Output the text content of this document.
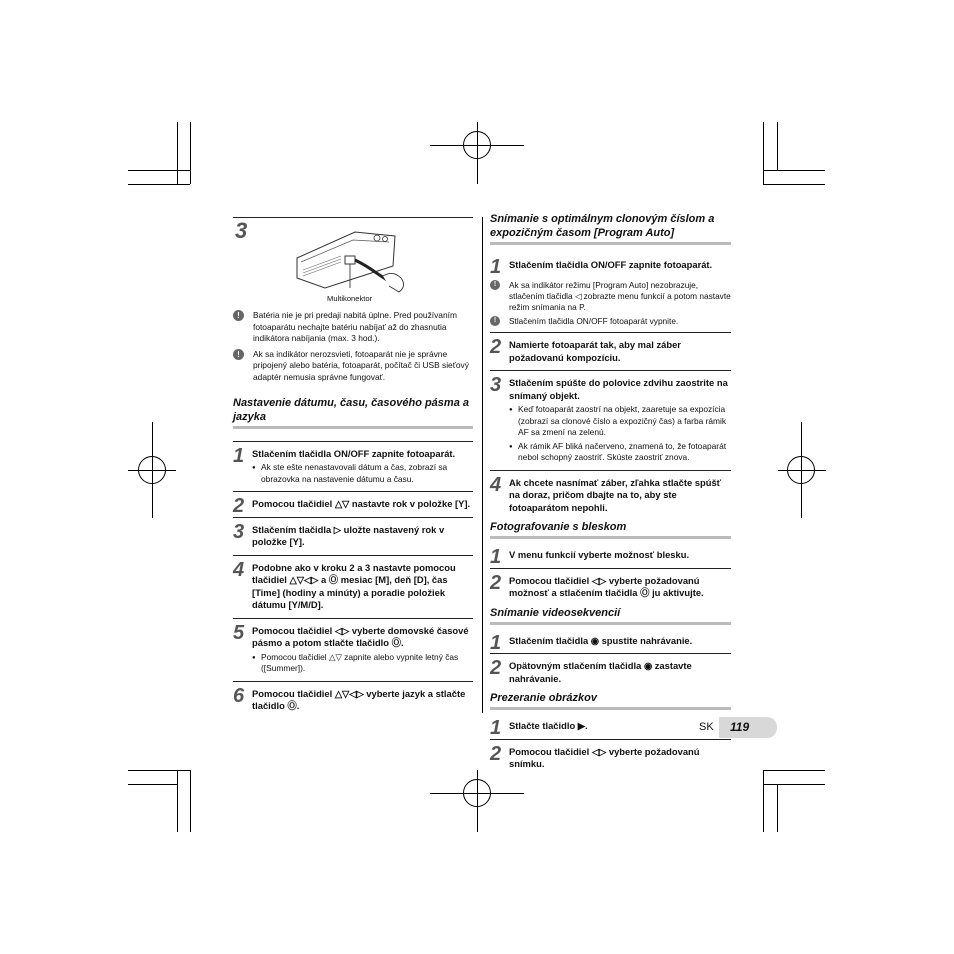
3
Multikonektor
!	Batéria nie je pri predaji nabitá úplne. Pred používaním fotoaparátu nechajte batériu nabíjať až do zhasnutia indikátora nabíjania (max. 3 hod.).
!	Ak sa indikátor nerozsvieti, fotoaparát nie je správne pripojený alebo batéria, fotoaparát, počítač či USB sieťový adaptér nemusia správne fungovať.
Nastavenie dátumu, času, časového pásma a jazyka
1 Stlačením tlačidla ON/OFF zapnite fotoaparát.
● Ak ste ešte nenastavovali dátum a čas, zobrazí sa obrazovka na nastavenie dátumu a času.
2 Pomocou tlačidiel △▽ nastavte rok v položke [Y].
3 Stlačením tlačidla ▷ uložte nastavený rok v položke [Y].
4 Podobne ako v kroku 2 a 3 nastavte pomocou tlačidiel △▽◁▷ a Ⓞ mesiac [M], deň [D], čas [Time] (hodiny a minúty) a poradie položiek dátumu [Y/M/D].
5 Pomocou tlačidiel ◁▷ vyberte domovské časové pásmo a potom stlačte tlačidlo Ⓞ.
● Pomocou tlačidiel △▽ zapnite alebo vypnite letný čas ([Summer]).
6 Pomocou tlačidiel △▽◁▷ vyberte jazyk a stlačte tlačidlo Ⓞ.
Snímanie s optimálnym clonovým číslom a expozičným časom [Program Auto]
1 Stlačením tlačidla ON/OFF zapnite fotoaparát.
!	Ak sa indikátor režimu [Program Auto] nezobrazuje, stlačením tlačidla ◁ zobrazte menu funkcií a potom nastavte režim snímania na P.
!	Stlačením tlačidla ON/OFF fotoaparát vypnite.
2 Namierte fotoaparát tak, aby mal záber požadovanú kompozíciu.
3 Stlačením spúšte do polovice zdvihu zaostrite na snímaný objekt.
● Keď fotoaparát zaostrí na objekt, zaaretuje sa expozícia (zobrazí sa clonové číslo a expozičný čas) a farba rámik AF sa zmení na zelenú.
● Ak rámik AF bliká načerveno, znamená to, že fotoaparát nebol schopný zaostriť. Skúste zaostriť znova.
4 Ak chcete nasnímať záber, zľahka stlačte spúšť na doraz, pričom dbajte na to, aby ste fotoaparátom nepohli.
Fotografovanie s bleskom
1 V menu funkcií vyberte možnosť blesku.
2 Pomocou tlačidiel ◁▷ vyberte požadovanú možnosť a stlačením tlačidla Ⓞ ju aktivujte.
Snímanie videosekvencií
1 Stlačením tlačidla ◉ spustite nahrávanie.
2 Opätovným stlačením tlačidla ◉ zastavte nahrávanie.
Prezeranie obrázkov
1 Stlačte tlačidlo ▶.
2 Pomocou tlačidiel ◁▷ vyberte požadovanú snímku.
SK 119
